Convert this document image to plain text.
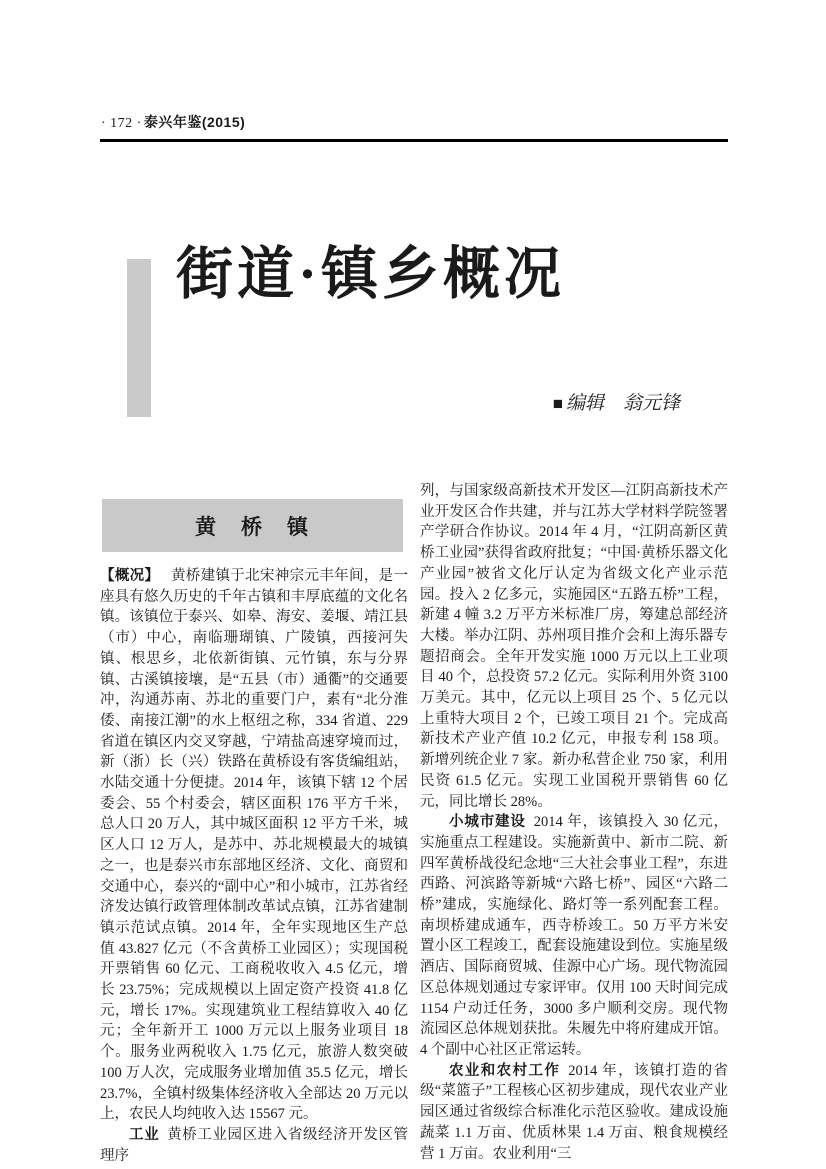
· 172 · 泰兴年鉴(2015)
街道·镇乡概况
■ 编辑 翁元锋
黄　桥　镇

【概况】 黄桥建镇于北宋神宗元丰年间，是一座具有悠久历史的千年古镇和丰厚底蕴的文化名镇。该镇位于泰兴、如皋、海安、姜堰、靖江县（市）中心，南临珊瑚镇、广陵镇，西接河失镇、根思乡，北依新街镇、元竹镇，东与分界镇、古溪镇接壤，是“五县（市）通衢”的交通要冲，沟通苏南、苏北的重要门户，素有“北分淮倭、南接江潮”的水上枢纽之称，334 省道、229 省道在镇区内交叉穿越，宁靖盐高速穿境而过，新（浙）长（兴）铁路在黄桥设有客货编组站，水陆交通十分便捷。2014 年，该镇下辖 12 个居委会、55 个村委会，辖区面积 176 平方千米，总人口 20 万人，其中城区面积 12 平方千米，城区人口 12 万人，是苏中、苏北规模最大的城镇之一，也是泰兴市东部地区经济、文化、商贸和交通中心，泰兴的“副中心”和小城市，江苏省经济发达镇行政管理体制改革试点镇，江苏省建制镇示范试点镇。2014 年，全年实现地区生产总值 43.827 亿元（不含黄桥工业园区）；实现国税开票销售 60 亿元、工商税收收入 4.5 亿元，增长 23.75%；完成规模以上固定资产投资 41.8 亿元，增长 17%。实现建筑业工程结算收入 40 亿元；全年新开工 1000 万元以上服务业项目 18 个。服务业两税收入 1.75 亿元，旅游人数突破 100 万人次，完成服务业增加值 35.5 亿元，增长 23.7%，全镇村级集体经济收入全部达 20 万元以上，农民人均纯收入达 15567 元。

工业 黄桥工业园区进入省级经济开发区管理序

列，与国家级高新技术开发区—江阴高新技术产业开发区合作共建，并与江苏大学材料学院签署产学研合作协议。2014 年 4 月，“江阴高新区黄桥工业园”获得省政府批复；“中国·黄桥乐器文化产业园”被省文化厅认定为省级文化产业示范园。投入 2 亿多元，实施园区“五路五桥”工程，新建 4 幢 3.2 万平方米标准厂房，筹建总部经济大楼。举办江阴、苏州项目推介会和上海乐器专题招商会。全年开发实施 1000 万元以上工业项目 40 个，总投资 57.2 亿元。实际利用外资 3100 万美元。其中，亿元以上项目 25 个、5 亿元以上重特大项目 2 个，已竣工项目 21 个。完成高新技术产业产值 10.2 亿元，申报专利 158 项。新增列统企业 7 家。新办私营企业 750 家，利用民资 61.5 亿元。实现工业国税开票销售 60 亿元，同比增长 28%。

小城市建设 2014 年，该镇投入 30 亿元，实施重点工程建设。实施新黄中、新市二院、新四军黄桥战役纪念地“三大社会事业工程”，东进西路、河滨路等新城“六路七桥”、园区“六路二桥”建成，实施绿化、路灯等一系列配套工程。南坝桥建成通车，西寺桥竣工。50 万平方米安置小区工程竣工，配套设施建设到位。实施星级酒店、国际商贸城、佳源中心广场。现代物流园区总体规划通过专家评审。仅用 100 天时间完成 1154 户动迁任务，3000 多户顺利交房。现代物流园区总体规划获批。朱履先中将府建成开馆。4 个副中心社区正常运转。

农业和农村工作 2014 年，该镇打造的省级“菜篮子”工程核心区初步建成，现代农业产业园区通过省级综合标准化示范区验收。建成设施蔬菜 1.1 万亩、优质林果 1.4 万亩、粮食规模经营 1 万亩。农业利用“三
